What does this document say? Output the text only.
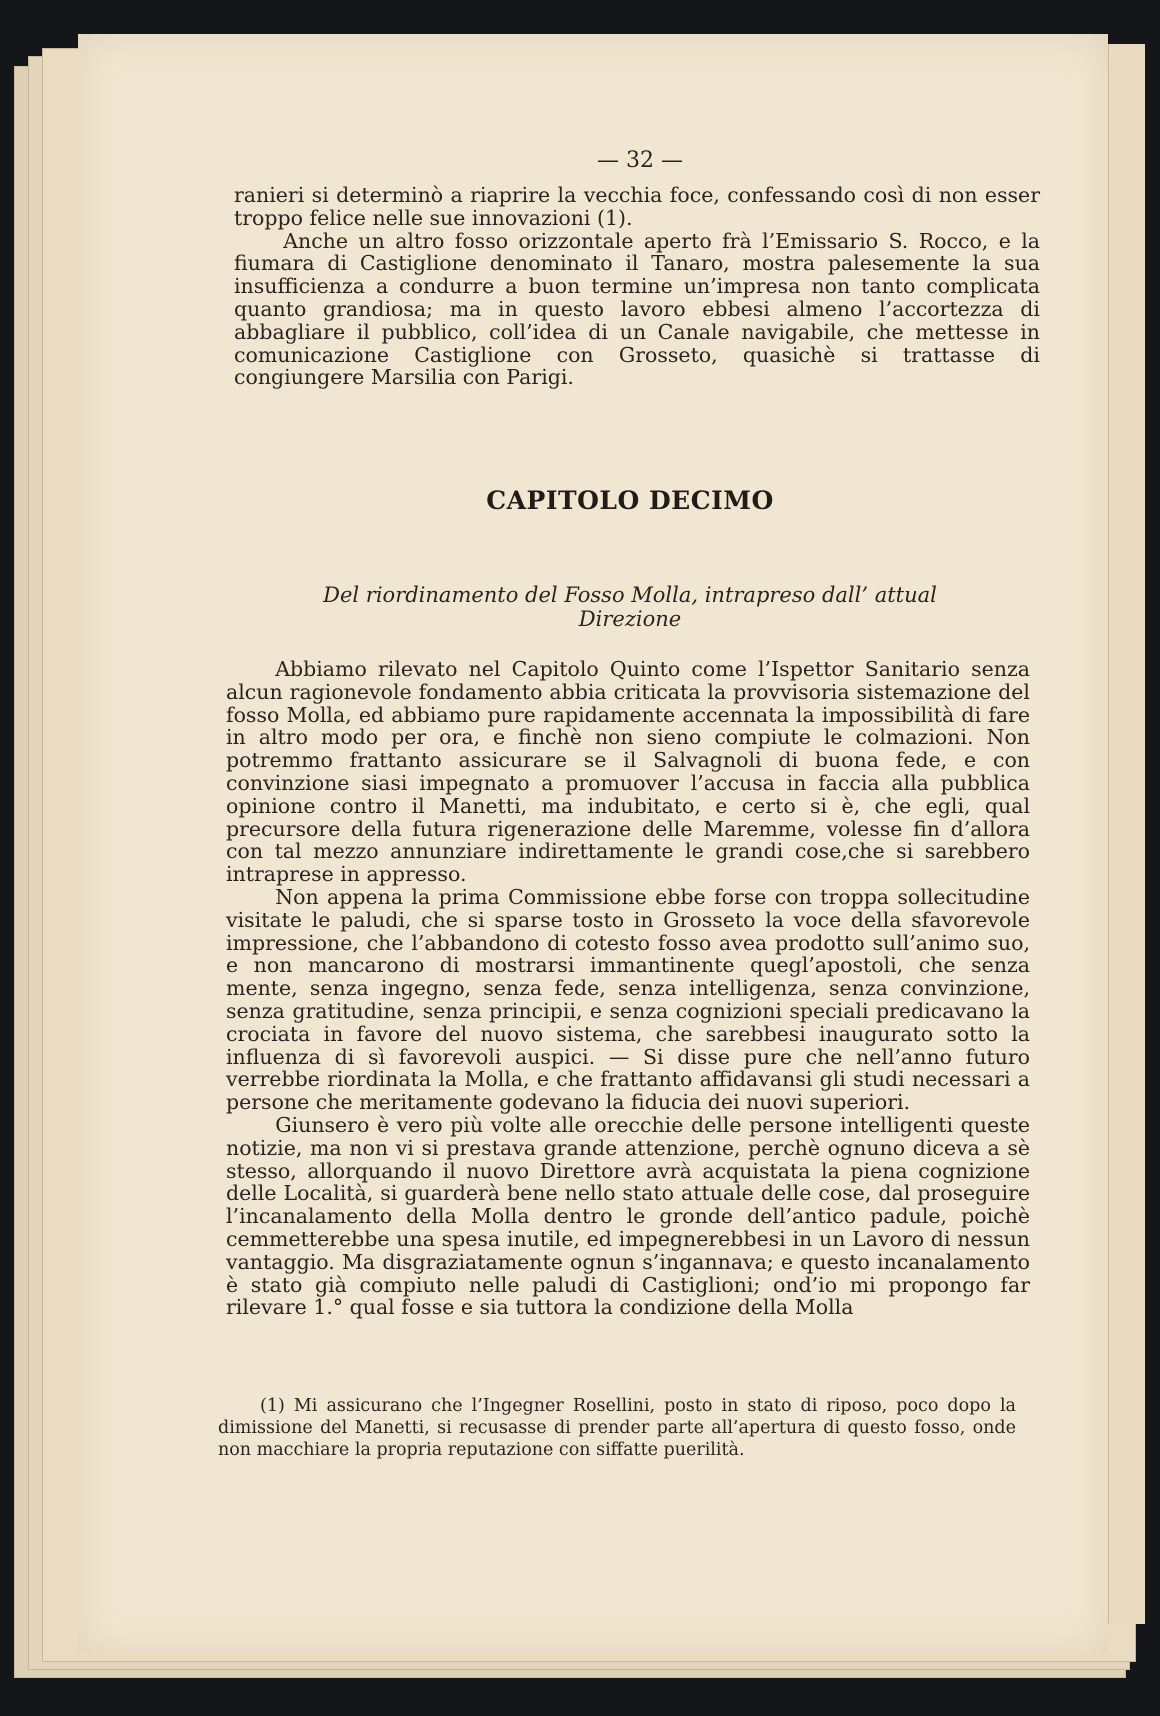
— 32 —

ranieri si determinò a riaprire la vecchia foce, confessando così di non esser troppo felice nelle sue innovazioni (1).

Anche un altro fosso orizzontale aperto frà l’Emissario S. Rocco, e la fiumara di Castiglione denominato il Tanaro, mostra palesemente la sua insufficienza a condurre a buon termine un’impresa non tanto complicata quanto grandiosa; ma in questo lavoro ebbesi almeno l’accortezza di abbagliare il pubblico, coll’idea di un Canale navigabile, che mettesse in comunicazione Castiglione con Grosseto, quasichè si trattasse di congiungere Marsilia con Parigi.

CAPITOLO DECIMO
Del riordinamento del Fosso Molla, intrapreso dall’ attual Direzione

Abbiamo rilevato nel Capitolo Quinto come l’Ispettor Sanitario senza alcun ragionevole fondamento abbia criticata la provvisoria sistemazione del fosso Molla, ed abbiamo pure rapidamente accennata la impossibilità di fare in altro modo per ora, e finchè non sieno compiute le colmazioni. Non potremmo frattanto assicurare se il Salvagnoli di buona fede, e con convinzione siasi impegnato a promuover l’accusa in faccia alla pubblica opinione contro il Manetti, ma indubitato, e certo si è, che egli, qual precursore della futura rigenerazione delle Maremme, volesse fin d’allora con tal mezzo annunziare indirettamente le grandi cose,che si sarebbero intraprese in appresso.

Non appena la prima Commissione ebbe forse con troppa sollecitudine visitate le paludi, che si sparse tosto in Grosseto la voce della sfavorevole impressione, che l’abbandono di cotesto fosso avea prodotto sull’animo suo, e non mancarono di mostrarsi immantinente quegl’apostoli, che senza mente, senza ingegno, senza fede, senza intelligenza, senza convinzione, senza gratitudine, senza principii, e senza cognizioni speciali predicavano la crociata in favore del nuovo sistema, che sarebbesi inaugurato sotto la influenza di sì favorevoli auspici. — Si disse pure che nell’anno futuro verrebbe riordinata la Molla, e che frattanto affidavansi gli studi necessari a persone che meritamente godevano la fiducia dei nuovi superiori.

Giunsero è vero più volte alle orecchie delle persone intelligenti queste notizie, ma non vi si prestava grande attenzione, perchè ognuno diceva a sè stesso, allorquando il nuovo Direttore avrà acquistata la piena cognizione delle Località, si guarderà bene nello stato attuale delle cose, dal proseguire l’incanalamento della Molla dentro le gronde dell’antico padule, poichè cemmetterebbe una spesa inutile, ed impegnerebbesi in un Lavoro di nessun vantaggio. Ma disgraziatamente ognun s’ingannava; e questo incanalamento è stato già compiuto nelle paludi di Castiglioni; ond’io mi propongo far rilevare 1.° qual fosse e sia tuttora la condizione della Molla

(1) Mi assicurano che l’Ingegner Rosellini, posto in stato di riposo, poco dopo la dimissione del Manetti, si recusasse di prender parte all’apertura di questo fosso, onde non macchiare la propria reputazione con siffatte puerilità.
